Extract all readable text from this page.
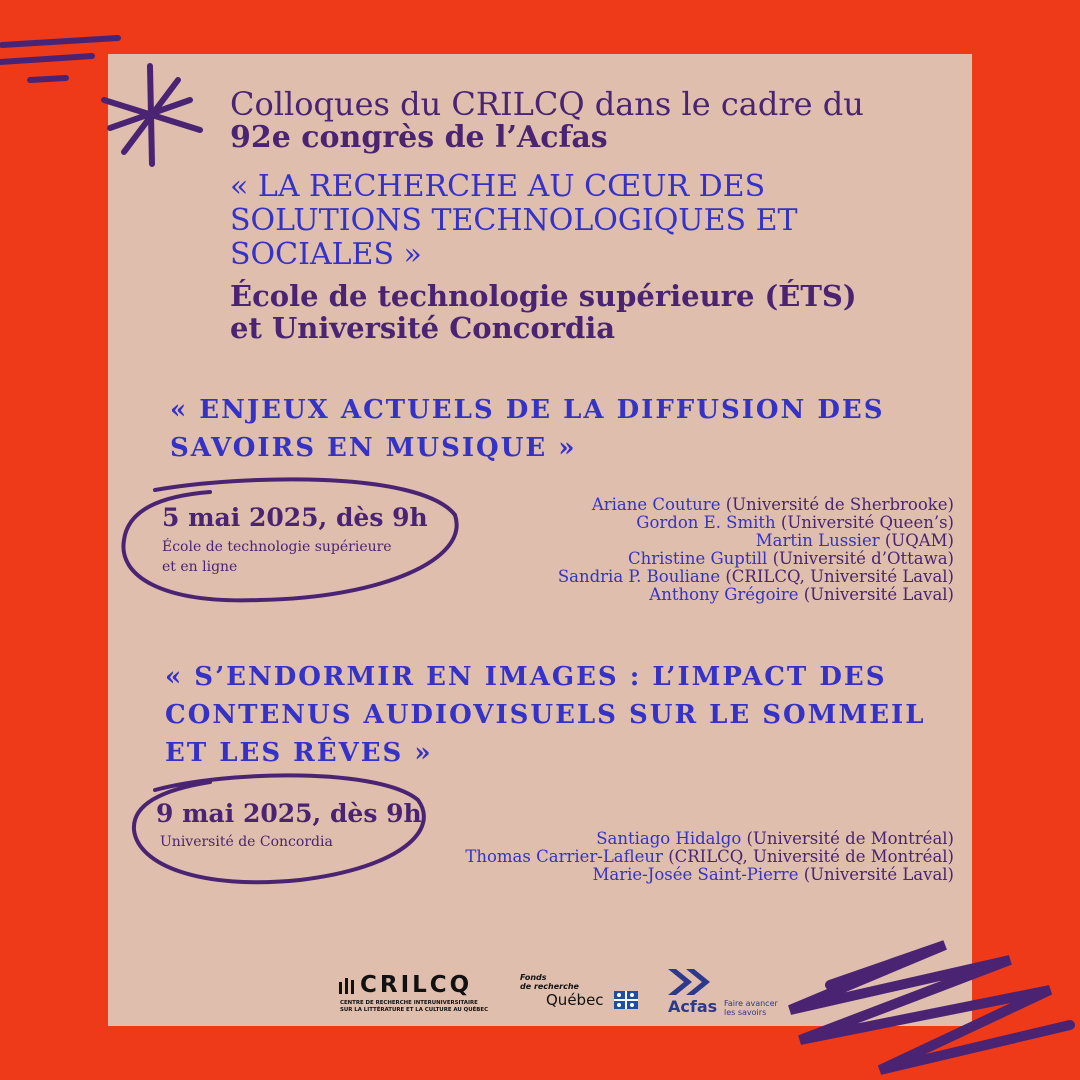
Colloques du CRILCQ dans le cadre du
92e congrès de l’Acfas
« LA RECHERCHE AU CŒUR DES
SOLUTIONS TECHNOLOGIQUES ET
SOCIALES »
École de technologie supérieure (ÉTS)
et Université Concordia
« ENJEUX ACTUELS DE LA DIFFUSION DES
SAVOIRS EN MUSIQUE »
5 mai 2025, dès 9h
École de technologie supérieure
et en ligne
Ariane Couture (Université de Sherbrooke)
Gordon E. Smith (Université Queen’s)
Martin Lussier (UQAM)
Christine Guptill (Université d’Ottawa)
Sandria P. Bouliane (CRILCQ, Université Laval)
Anthony Grégoire (Université Laval)
« S’ENDORMIR EN IMAGES : L’IMPACT DES
CONTENUS AUDIOVISUELS SUR LE SOMMEIL
ET LES RÊVES »
9 mai 2025, dès 9h
Université de Concordia	Santiago Hidalgo (Université de Montréal)
Thomas Carrier-Lafleur (CRILCQ, Université de Montréal)
Marie-Josée Saint-Pierre (Université Laval)
CRILCQ
CENTRE DE RECHERCHE INTERUNIVERSITAIRE
SUR LA LITTÉRATURE ET LA CULTURE AU QUÉBEC
Fonds
de recherche
Québec	Acfas Faire avancer
les savoirs
